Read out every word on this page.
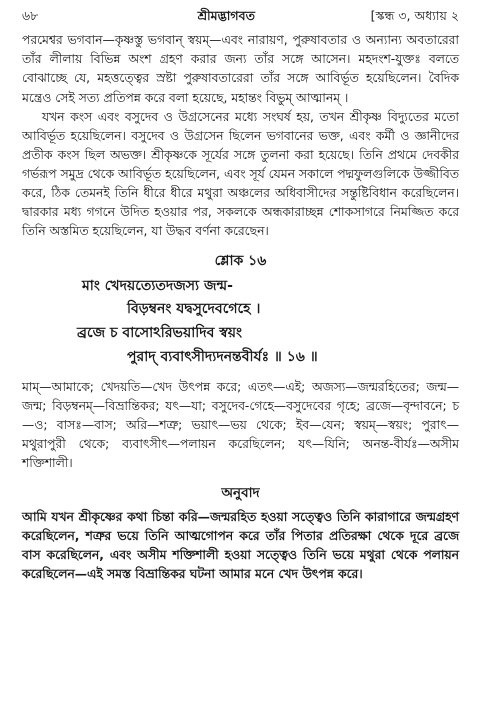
৬৮	শ্রীমদ্ভাগবত	[স্কন্ধ ৩, অধ্যায় ২

পরমেশ্বর ভগবান—কৃষ্ণস্তু ভগবান্ স্বয়ম্—এবং নারায়ণ, পুরুষাবতার ও অন্যান্য অবতারেরা তাঁর লীলায় বিভিন্ন অংশ গ্রহণ করার জন্য তাঁর সঙ্গে আসেন। মহদংশ-যুক্তঃ বলতে বোঝাচ্ছে যে, মহত্তত্ত্বের স্রষ্টা পুরুষাবতারেরা তাঁর সঙ্গে আবির্ভূত হয়েছিলেন। বৈদিক মন্ত্রেও সেই সত্য প্রতিপন্ন করে বলা হয়েছে, মহান্তং বিভুম্ আত্মানম্ ।

যখন কংস এবং বসুদেব ও উগ্রসেনের মধ্যে সংঘর্ষ হয়, তখন শ্রীকৃষ্ণ বিদ্যুতের মতো আবির্ভূত হয়েছিলেন। বসুদেব ও উগ্রসেন ছিলেন ভগবানের ভক্ত, এবং কর্মী ও জ্ঞানীদের প্রতীক কংস ছিল অভক্ত। শ্রীকৃষ্ণকে সূর্যের সঙ্গে তুলনা করা হয়েছে। তিনি প্রথমে দেবকীর গর্ভরূপ সমুদ্র থেকে আবির্ভূত হয়েছিলেন, এবং সূর্য যেমন সকালে পদ্মফুলগুলিকে উজ্জীবিত করে, ঠিক তেমনই তিনি ধীরে ধীরে মথুরা অঞ্চলের অধিবাসীদের সন্তুষ্টিবিধান করেছিলেন। দ্বারকার মধ্য গগনে উদিত হওয়ার পর, সকলকে অন্ধকারাচ্ছন্ন শোকসাগরে নিমজ্জিত করে তিনি অস্তমিত হয়েছিলেন, যা উদ্ধব বর্ণনা করেছেন।

শ্লোক ১৬
মাং খেদয়ত্যেতদজস্য জন্ম-
বিড়ম্বনং যদ্বসুদেবগেহে ।
ব্রজে চ বাসোঽরিভয়াদিব স্বয়ং
পুরাদ্ ব্যবাৎসীদ্যদনন্তবীর্যঃ ॥ ১৬ ॥

মাম্—আমাকে; খেদয়তি—খেদ উৎপন্ন করে; এতৎ—এই; অজস্য—জন্মরহিতের; জন্ম—জন্ম; বিড়ম্বনম্—বিভ্রান্তিকর; যৎ—যা; বসুদেব-গেহে—বসুদেবের গৃহে; ব্রজে—বৃন্দাবনে; চ—ও; বাসঃ—বাস; অরি—শত্রু; ভয়াৎ—ভয় থেকে; ইব—যেন; স্বয়ম্—স্বয়ং; পুরাৎ—মথুরাপুরী থেকে; ব্যবাৎসীৎ—পলায়ন করেছিলেন; যৎ—যিনি; অনন্ত-বীর্যঃ—অসীম শক্তিশালী।

অনুবাদ

আমি যখন শ্রীকৃষ্ণের কথা চিন্তা করি—জন্মরহিত হওয়া সত্ত্বেও তিনি কারাগারে জন্মগ্রহণ করেছিলেন, শত্রুর ভয়ে তিনি আত্মগোপন করে তাঁর পিতার প্রতিরক্ষা থেকে দূরে ব্রজে বাস করেছিলেন, এবং অসীম শক্তিশালী হওয়া সত্ত্বেও তিনি ভয়ে মথুরা থেকে পলায়ন করেছিলেন—এই সমস্ত বিভ্রান্তিকর ঘটনা আমার মনে খেদ উৎপন্ন করে।
